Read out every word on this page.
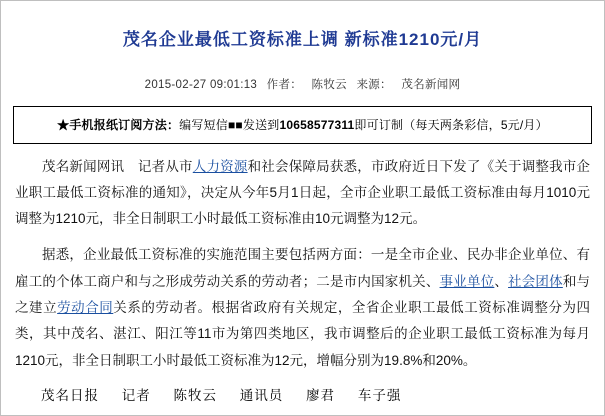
茂名企业最低工资标准上调 新标准1210元/月
2015-02-27 09:01:13 作者： 陈牧云 来源： 茂名新闻网
★手机报纸订阅方法：编写短信■■发送到10658577311即可订制（每天两条彩信，5元/月）

茂名新闻网讯　记者从市人力资源和社会保障局获悉，市政府近日下发了《关于调整我市企业职工最低工资标准的通知》，决定从今年5月1日起，全市企业职工最低工资标准由每月1010元调整为1210元，非全日制职工小时最低工资标准由10元调整为12元。

据悉，企业最低工资标准的实施范围主要包括两方面：一是全市企业、民办非企业单位、有雇工的个体工商户和与之形成劳动关系的劳动者；二是市内国家机关、事业单位、社会团体和与之建立劳动合同关系的劳动者。根据省政府有关规定，全省企业职工最低工资标准调整分为四类，其中茂名、湛江、阳江等11市为第四类地区，我市调整后的企业职工最低工资标准为每月1210元，非全日制职工小时最低工资标准为12元，增幅分别为19.8%和20%。

茂名日报 记者 陈牧云 通讯员 廖君 车子强
